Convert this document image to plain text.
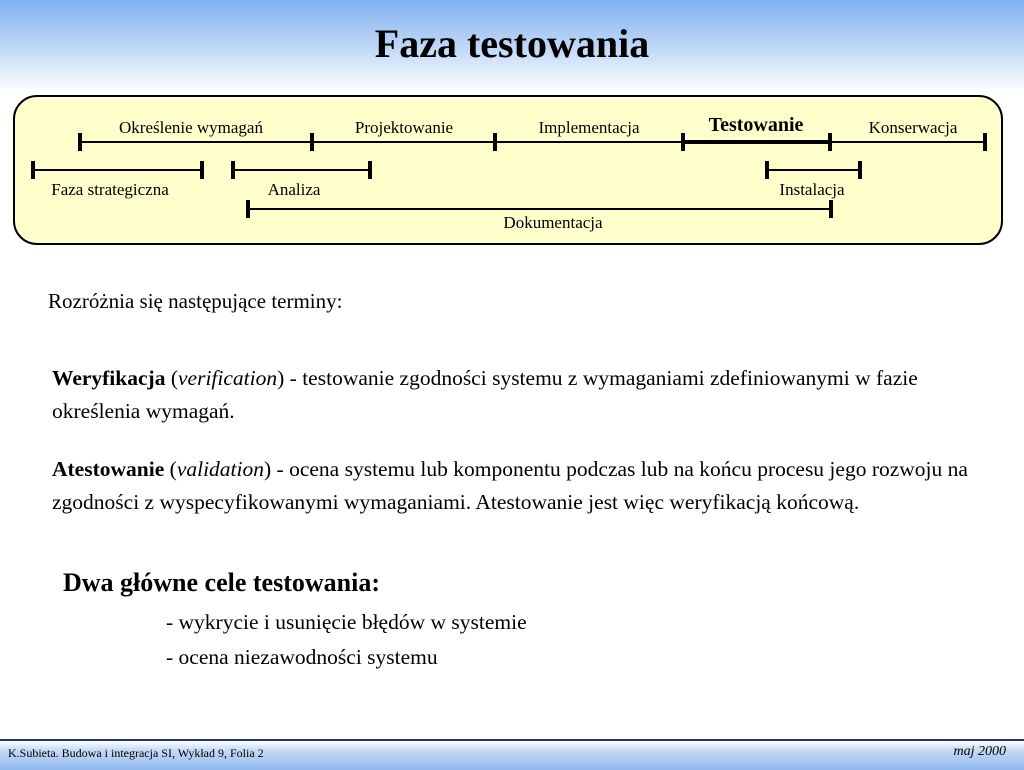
Faza testowania
Określenie wymagań	Projektowanie	Implementacja	Testowanie	Konserwacja
Faza strategiczna	Analiza	Instalacja
Dokumentacja
Rozróżnia się następujące terminy:

Weryfikacja (verification) - testowanie zgodności systemu z wymaganiami zdefiniowanymi w fazie określenia wymagań.

Atestowanie (validation) - ocena systemu lub komponentu podczas lub na końcu procesu jego rozwoju na zgodności z wyspecyfikowanymi wymaganiami. Atestowanie jest więc weryfikacją końcową.

Dwa główne cele testowania:
- wykrycie i usunięcie błędów w systemie
- ocena niezawodności systemu
K.Subieta. Budowa i integracja SI, Wykład 9, Folia 2	maj 2000
